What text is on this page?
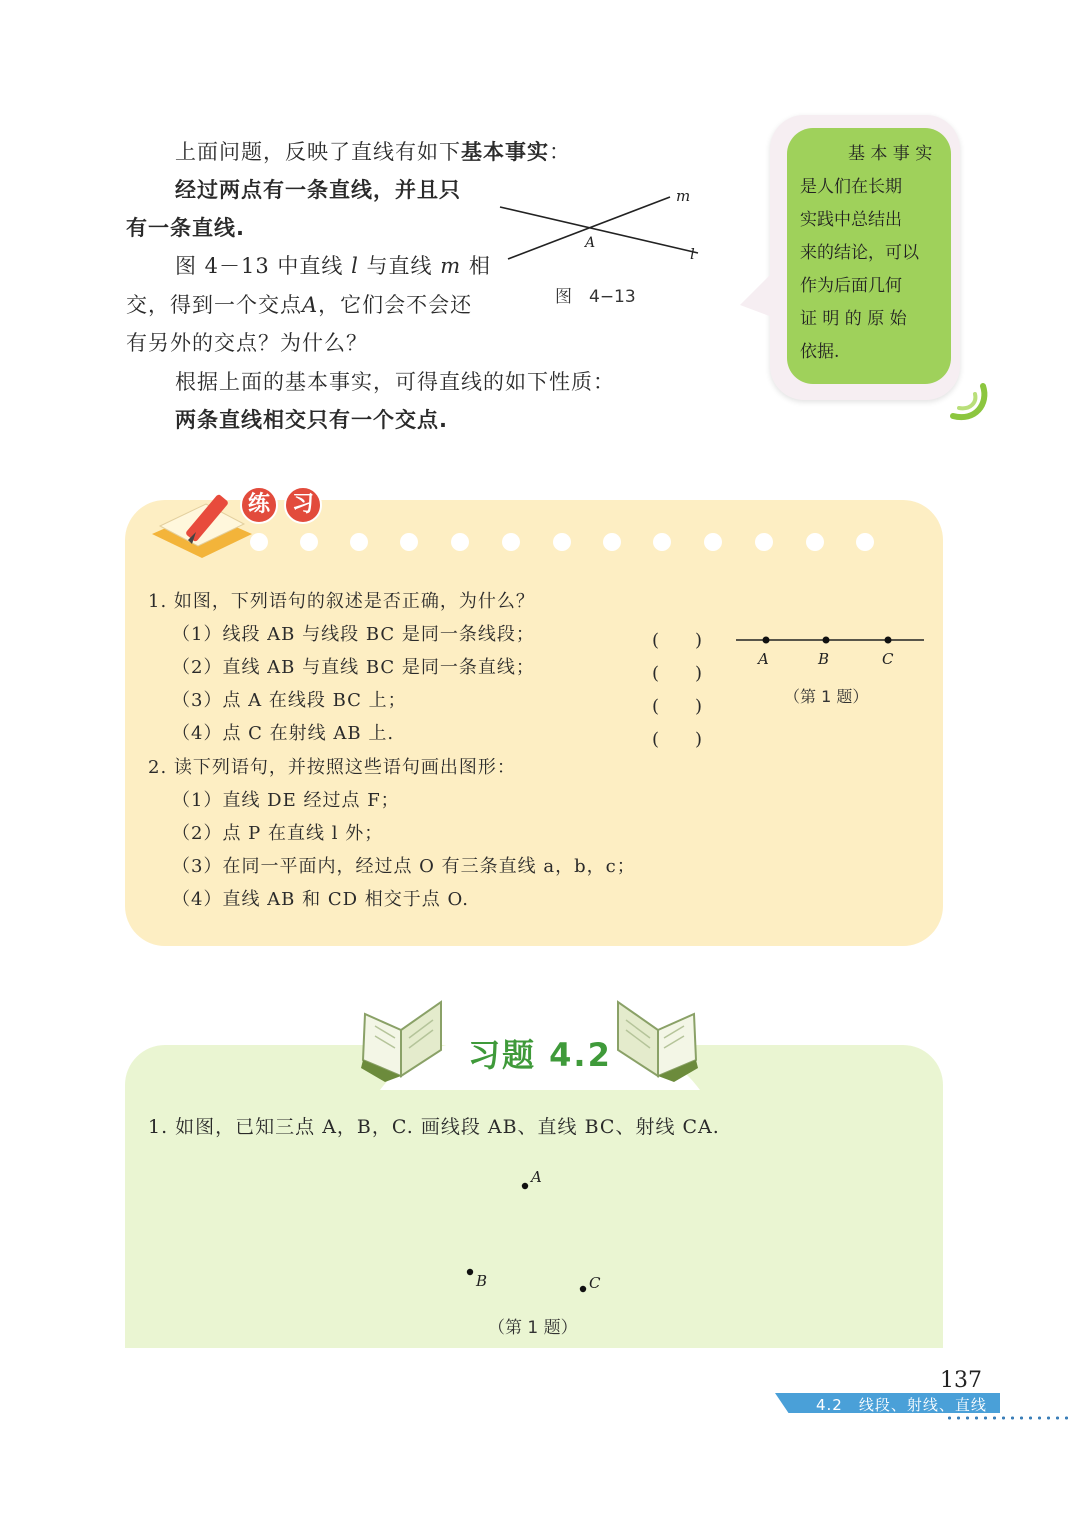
上面问题，反映了直线有如下基本事实：
经过两点有一条直线，并且只
有一条直线.
图 4－13 中直线 l 与直线 m 相
交，得到一个交点A，它们会不会还
有另外的交点？为什么？
根据上面的基本事实，可得直线的如下性质：
两条直线相交只有一个交点.
m
l
A
图　4−13
基 本 事 实
是人们在长期
实践中总结出
来的结论，可以
作为后面几何
证 明 的 原 始
依据.
练 习
1. 如图，下列语句的叙述是否正确，为什么？
（1）线段 AB 与线段 BC 是同一条线段；
（2）直线 AB 与直线 BC 是同一条直线；
（3）点 A 在线段 BC 上；
（4）点 C 在射线 AB 上.
(　　)
(　　)
(　　)
(　　)
A	B	C
（第 1 题）
2. 读下列语句，并按照这些语句画出图形：
（1）直线 DE 经过点 F；
（2）点 P 在直线 l 外；
（3）在同一平面内，经过点 O 有三条直线 a，b，c；
（4）直线 AB 和 CD 相交于点 O.
习题 4.2
1. 如图，已知三点 A，B，C. 画线段 AB、直线 BC、射线 CA.
A
B	C
（第 1 题）
137
4.2　线段、射线、直线
